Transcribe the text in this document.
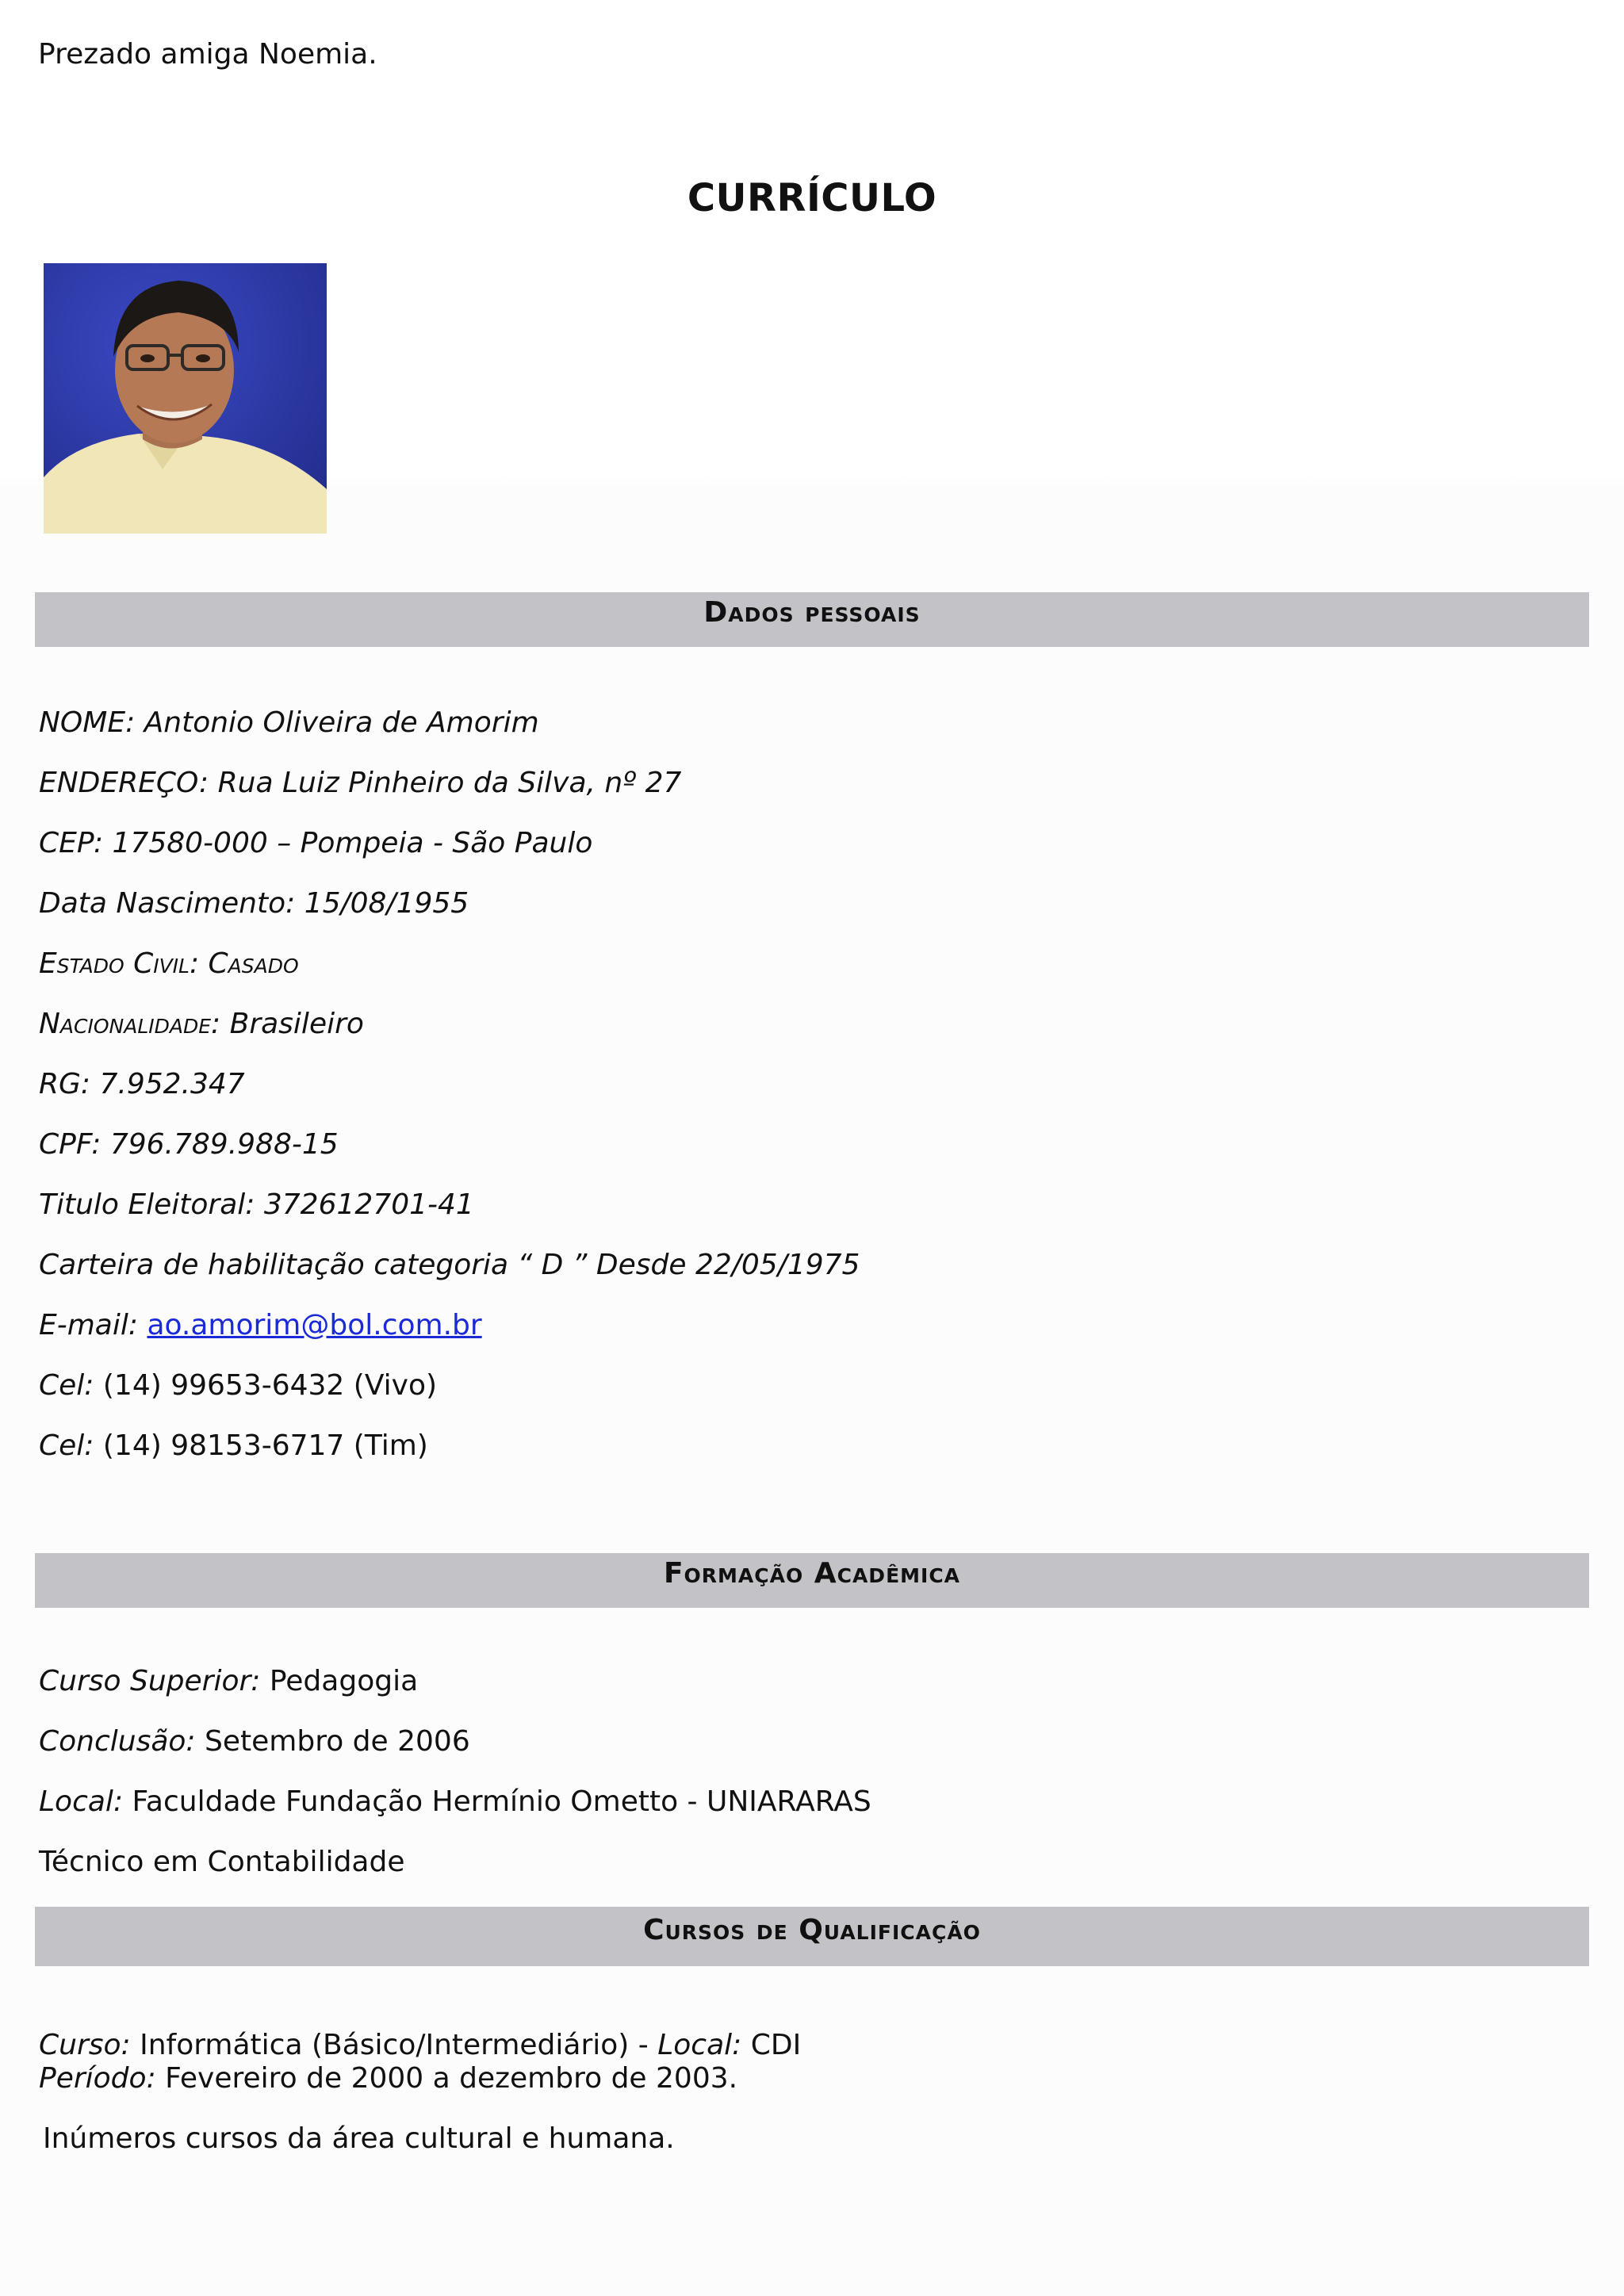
Prezado amiga Noemia.
CURRÍCULO
Dados pessoais
NOME: Antonio Oliveira de Amorim
ENDEREÇO: Rua Luiz Pinheiro da Silva, nº 27
CEP: 17580-000 – Pompeia - São Paulo
Data Nascimento: 15/08/1955
Estado Civil: Casado
Nacionalidade: Brasileiro
RG: 7.952.347
CPF: 796.789.988-15
Titulo Eleitoral: 372612701-41
Carteira de habilitação categoria “ D ” Desde 22/05/1975
E-mail: ao.amorim@bol.com.br
Cel: (14) 99653-6432 (Vivo)
Cel: (14) 98153-6717 (Tim)
Formação Acadêmica
Curso Superior: Pedagogia
Conclusão: Setembro de 2006
Local: Faculdade Fundação Hermínio Ometto - UNIARARAS
Técnico em Contabilidade
Cursos de Qualificação
Curso: Informática (Básico/Intermediário) - Local: CDI
Período: Fevereiro de 2000 a dezembro de 2003.
Inúmeros cursos da área cultural e humana.
